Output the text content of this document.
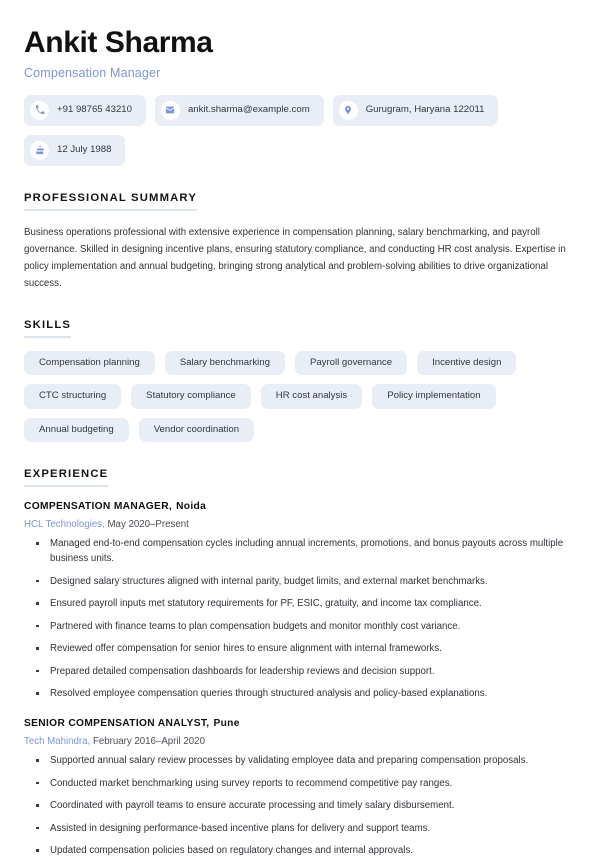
Ankit Sharma
Compensation Manager
+91 98765 43210	ankit.sharma@example.com	Gurugram, Haryana 122011
12 July 1988
PROFESSIONAL SUMMARY

Business operations professional with extensive experience in compensation planning, salary benchmarking, and payroll governance. Skilled in designing incentive plans, ensuring statutory compliance, and conducting HR cost analysis. Expertise in policy implementation and annual budgeting, bringing strong analytical and problem-solving abilities to drive organizational success.

SKILLS
Compensation planning	Salary benchmarking	Payroll governance	Incentive design
CTC structuring	Statutory compliance	HR cost analysis	Policy implementation
Annual budgeting	Vendor coordination
EXPERIENCE
COMPENSATION MANAGER, Noida
HCL Technologies, May 2020–Present
Managed end-to-end compensation cycles including annual increments, promotions, and bonus payouts across multiple business units.
Designed salary structures aligned with internal parity, budget limits, and external market benchmarks.
Ensured payroll inputs met statutory requirements for PF, ESIC, gratuity, and income tax compliance.
Partnered with finance teams to plan compensation budgets and monitor monthly cost variance.
Reviewed offer compensation for senior hires to ensure alignment with internal frameworks.
Prepared detailed compensation dashboards for leadership reviews and decision support.
Resolved employee compensation queries through structured analysis and policy-based explanations.
SENIOR COMPENSATION ANALYST, Pune
Tech Mahindra, February 2016–April 2020
Supported annual salary review processes by validating employee data and preparing compensation proposals.
Conducted market benchmarking using survey reports to recommend competitive pay ranges.
Coordinated with payroll teams to ensure accurate processing and timely salary disbursement.
Assisted in designing performance-based incentive plans for delivery and support teams.
Updated compensation policies based on regulatory changes and internal approvals.
